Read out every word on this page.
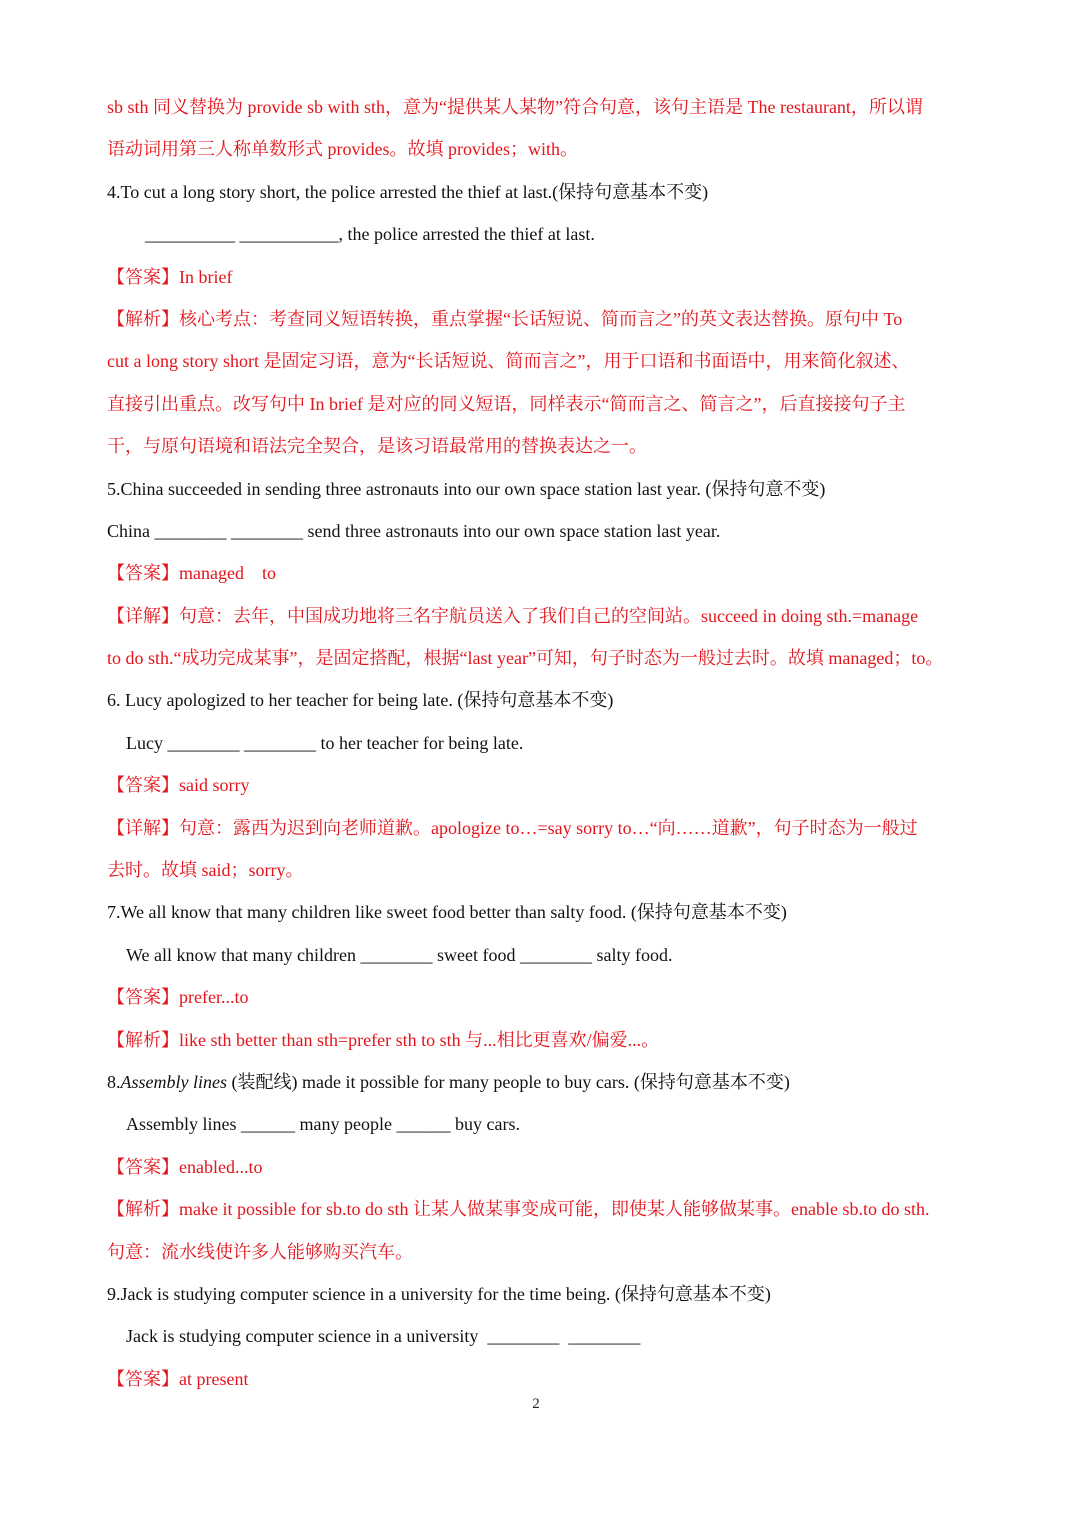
sb sth 同义替换为 provide sb with sth，意为“提供某人某物”符合句意，该句主语是 The restaurant，所以谓
语动词用第三人称单数形式 provides。故填 provides；with。
4.To cut a long story short, the police arrested the thief at last.(保持句意基本不变)
__________ ___________, the police arrested the thief at last.
【答案】In brief
【解析】核心考点：考查同义短语转换，重点掌握“长话短说、简而言之”的英文表达替换。原句中 To
cut a long story short 是固定习语，意为“长话短说、简而言之”，用于口语和书面语中，用来简化叙述、
直接引出重点。改写句中 In brief 是对应的同义短语，同样表示“简而言之、简言之”，后直接接句子主
干，与原句语境和语法完全契合，是该习语最常用的替换表达之一。
5.China succeeded in sending three astronauts into our own space station last year. (保持句意不变)
China ________ ________ send three astronauts into our own space station last year.
【答案】managed    to
【详解】句意：去年，中国成功地将三名宇航员送入了我们自己的空间站。succeed in doing sth.=manage
to do sth.“成功完成某事”，是固定搭配，根据“last year”可知，句子时态为一般过去时。故填 managed；to。
6. Lucy apologized to her teacher for being late. (保持句意基本不变)
Lucy ________ ________ to her teacher for being late.
【答案】said sorry
【详解】句意：露西为迟到向老师道歉。apologize to…=say sorry to…“向……道歉”，句子时态为一般过
去时。故填 said；sorry。
7.We all know that many children like sweet food better than salty food. (保持句意基本不变)
We all know that many children ________ sweet food ________ salty food.
【答案】prefer...to
【解析】like sth better than sth=prefer sth to sth 与...相比更喜欢/偏爱...。
8.Assembly lines (装配线) made it possible for many people to buy cars. (保持句意基本不变)
Assembly lines ______ many people ______ buy cars.
【答案】enabled...to
【解析】make it possible for sb.to do sth 让某人做某事变成可能，即使某人能够做某事。enable sb.to do sth.
句意：流水线使许多人能够购买汽车。
9.Jack is studying computer science in a university for the time being. (保持句意基本不变)
Jack is studying computer science in a university  ________  ________
【答案】at present
2
